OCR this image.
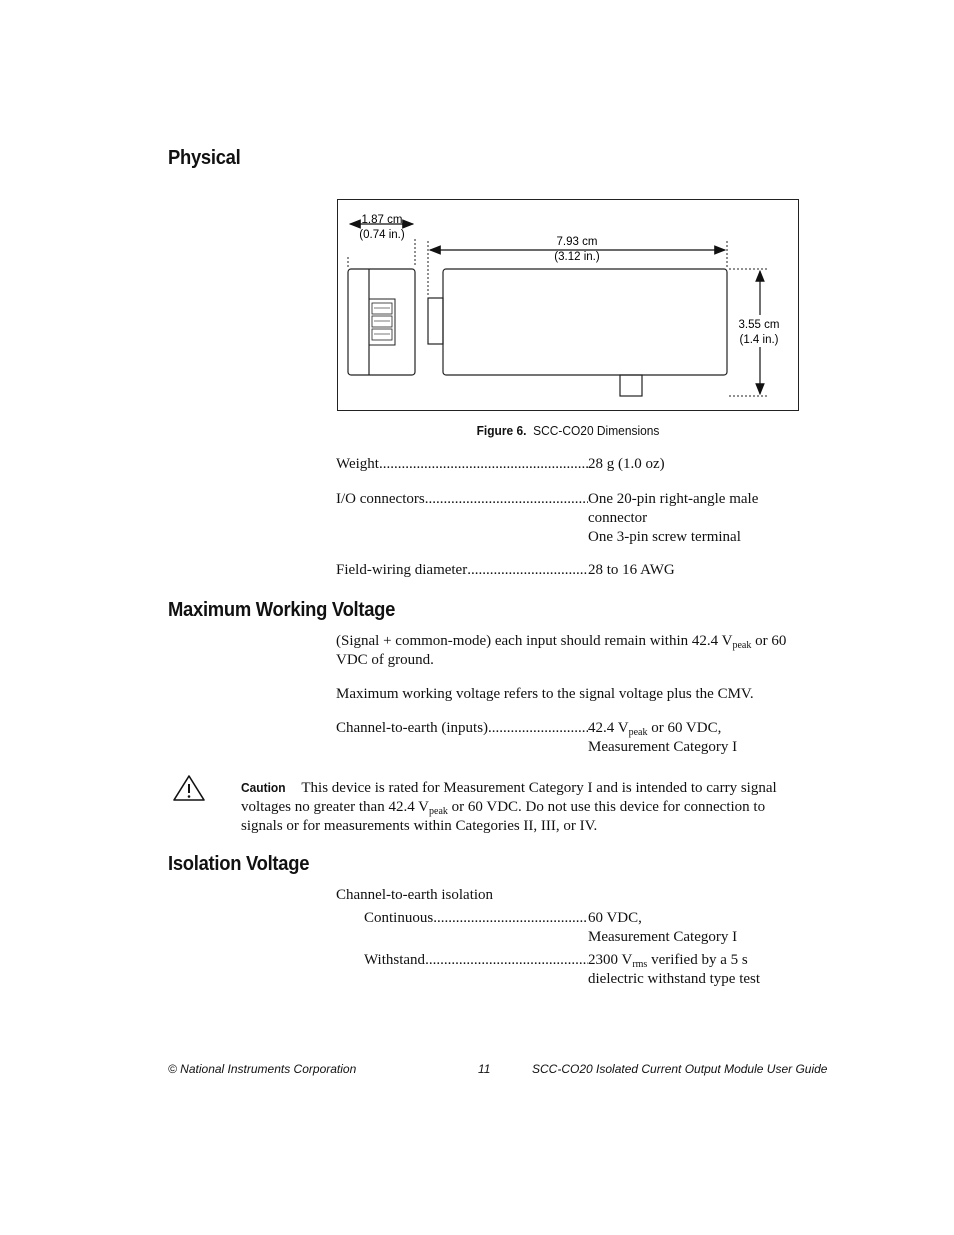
Physical
1.87 cm
(0.74 in.)
7.93 cm
(3.12 in.)
3.55 cm
(1.4 in.)
Figure 6. SCC-CO20 Dimensions
Weight .....	28 g (1.0 oz)
I/O connectors .....	One 20-pin right-angle male connector
One 3-pin screw terminal
Field-wiring diameter .....	28 to 16 AWG
Maximum Working Voltage
(Signal + common-mode) each input should remain within 42.4 $V_{peak}$ or 60 VDC of ground.
Maximum working voltage refers to the signal voltage plus the CMV.
Channel-to-earth (inputs) .....	42.4 $V_{peak}$ or 60 VDC,
Measurement Category I
Caution This device is rated for Measurement Category I and is intended to carry signal voltages no greater than 42.4 $V_{peak}$ or 60 VDC. Do not use this device for connection to signals or for measurements within Categories II, III, or IV.
Isolation Voltage
Channel-to-earth isolation
Continuous .....	60 VDC,
Measurement Category I
Withstand .....	2300 $V_{rms}$ verified by a 5 s dielectric withstand type test
© National Instruments Corporation	11	SCC-CO20 Isolated Current Output Module User Guide
